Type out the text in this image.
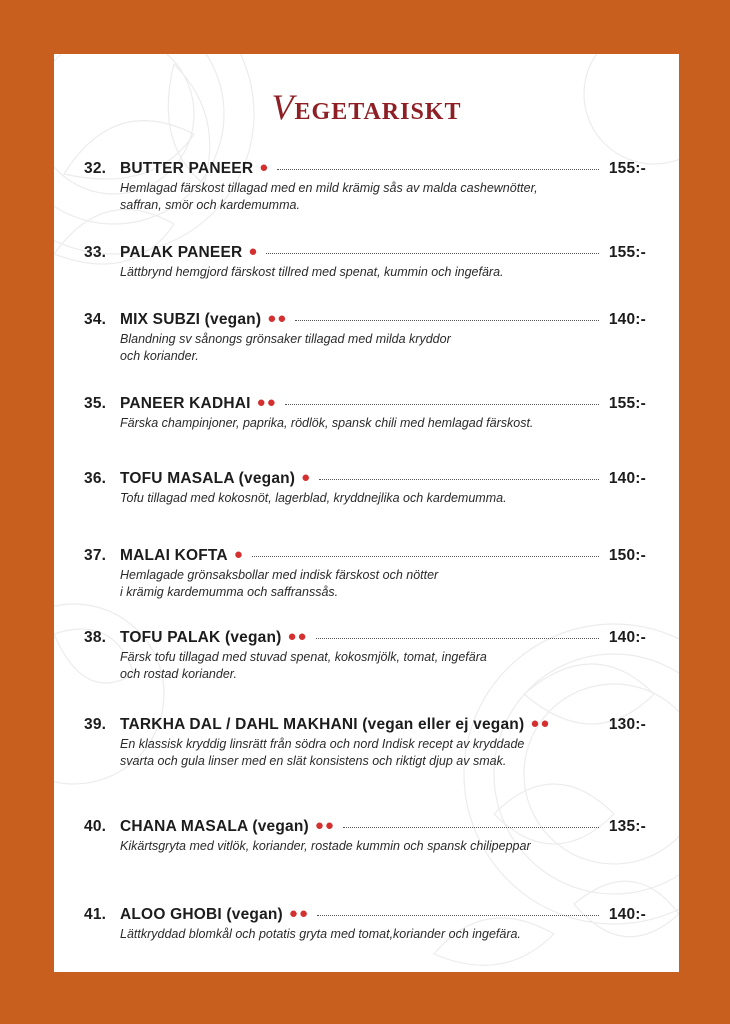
VEGETARISKT
32. BUTTER PANEER ●	155:-
Hemlagad färskost tillagad med en mild krämig sås av malda cashewnötter,
saffran, smör och kardemumma.
33. PALAK PANEER ●	155:-
Lättbrynd hemgjord färskost tillred med spenat, kummin och ingefära.
34. MIX SUBZI (vegan) ●●	140:-
Blandning sv sånongs grönsaker tillagad med milda kryddor
och koriander.
35. PANEER KADHAI ●●	155:-
Färska champinjoner, paprika, rödlök, spansk chili med hemlagad färskost.
36. TOFU MASALA (vegan) ●	140:-
Tofu tillagad med kokosnöt, lagerblad, kryddnejlika och kardemumma.
37. MALAI KOFTA ●	150:-
Hemlagade grönsaksbollar med indisk färskost och nötter
i krämig kardemumma och saffranssås.
38. TOFU PALAK (vegan) ●●	140:-
Färsk tofu tillagad med stuvad spenat, kokosmjölk, tomat, ingefära
och rostad koriander.
39. TARKHA DAL / DAHL MAKHANI (vegan eller ej vegan) ●●	130:-
En klassisk kryddig linsrätt från södra och nord Indisk recept av kryddade
svarta och gula linser med en slät konsistens och riktigt djup av smak.
40. CHANA MASALA (vegan) ●●	135:-
Kikärtsgryta med vitlök, koriander, rostade kummin och spansk chilipeppar
41. ALOO GHOBI (vegan) ●●	140:-
Lättkryddad blomkål och potatis gryta med tomat,koriander och ingefära.
